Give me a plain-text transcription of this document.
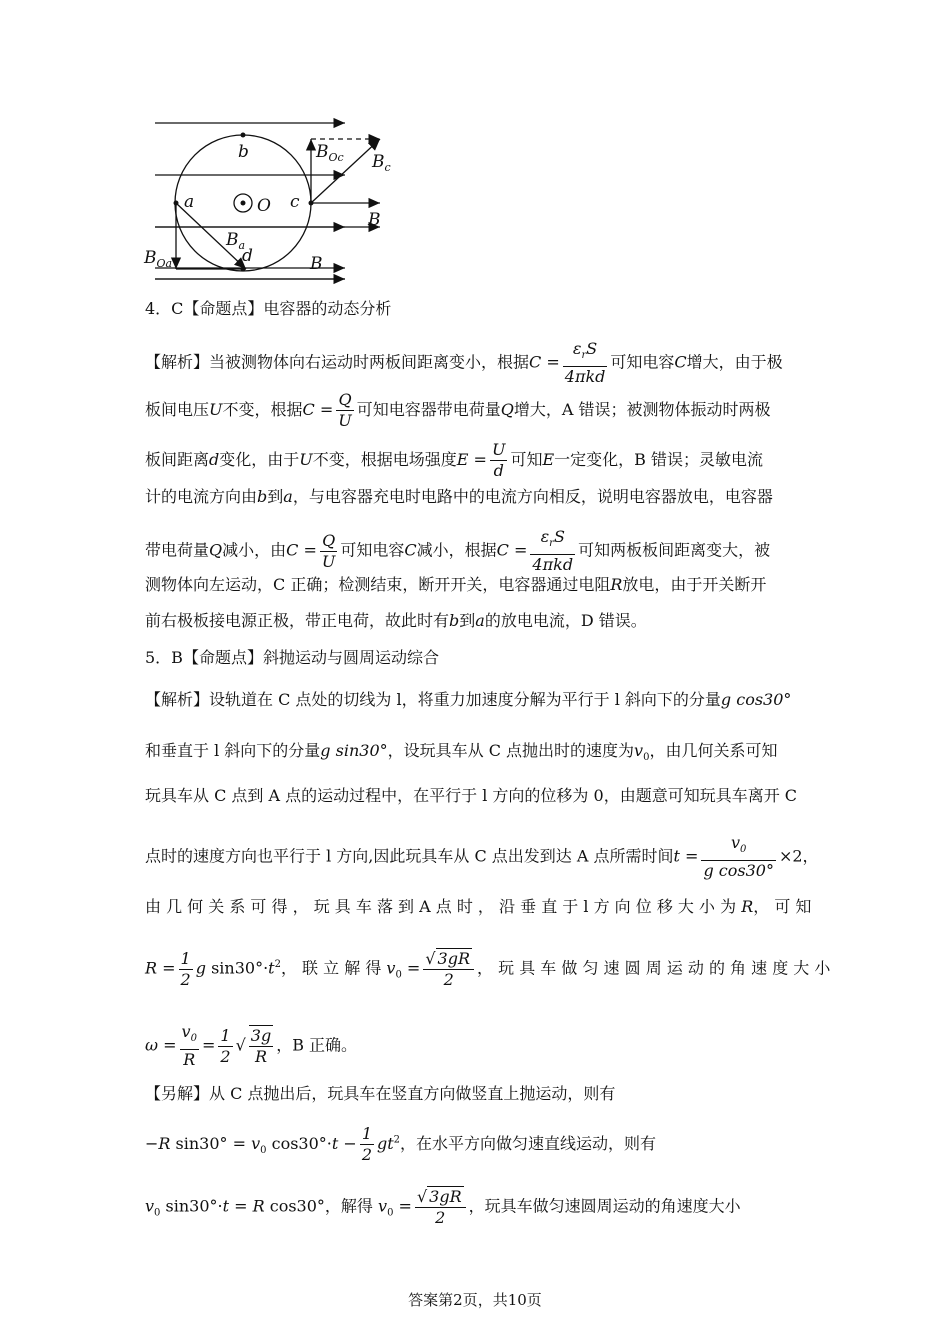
b
a	O c
d
B
B
$B_{Oc}$ $B_c$
$B_a$
$B_{Oa}$
4．C【命题点】电容器的动态分析
【解析】当被测物体向右运动时两板间距离变小，根据$C = \frac{\varepsilon_rS}{\text{4πkd}}$ 可知电容C增大，由于极
板间电压U不变，根据$C = \frac{Q}{U}$ 可知电容器带电荷量Q增大，A 错误；被测物体振动时两极
板间距离d变化，由于U不变，根据电场强度$E = \frac{U}{d}$ 可知E一定变化，B 错误；灵敏电流
计的电流方向由b到a，与电容器充电时电路中的电流方向相反，说明电容器放电，电容器
带电荷量Q减小，由$C = \frac{Q}{U}$ 可知电容C减小，根据$C = \frac{\varepsilon_rS}{\text{4πkd}}$ 可知两板板间距离变大，被
测物体向左运动，C 正确；检测结束，断开开关，电容器通过电阻R放电，由于开关断开
前右极板接电源正极，带正电荷，故此时有b到a的放电电流，D 错误。
5．B【命题点】斜抛运动与圆周运动综合
【解析】设轨道在 C 点处的切线为 l，将重力加速度分解为平行于 l 斜向下的分量g cos30°
和垂直于 l 斜向下的分量g sin30°，设玩具车从 C 点抛出时的速度为$v_0$，由几何关系可知
玩具车从 C 点到 A 点的运动过程中，在平行于 l 方向的位移为 0，由题意可知玩具车离开 C
点时的速度方向也平行于 l 方向,因此玩具车从 C 点出发到达 A 点所需时间$t = \frac{v_0}{\text{g cos30°}} \times 2$，
由 几 何 关 系 可 得 ， 玩 具 车 落 到 A 点 时 ， 沿 垂 直 于 l 方 向 位 移 大 小 为 R， 可 知
$R = \frac{1}{2}$ g $\sin 30^\circ\cdot t^2$， 联 立 解 得 $v_0 = \frac{√ 3gR}{2}$ ， 玩 具 车 做 匀 速 圆 周 运 动 的 角 速 度 大 小
$\omega = \frac{v_0}{R} = \frac{1}{2}$ √ $\frac{3g}{R}$ ，B 正确。
【另解】从 C 点抛出后，玩具车在竖直方向做竖直上抛运动，则有
−R $\sin 30^\circ = v_0$ $\cos 30^\circ\cdot t - \frac{1}{2} gt^2$，在水平方向做匀速直线运动，则有
$v_0$ sin30°·t = R cos30°，解得 $v_0 = \frac{√ 3gR}{2}$ ，玩具车做匀速圆周运动的角速度大小
答案第2页，共10页
